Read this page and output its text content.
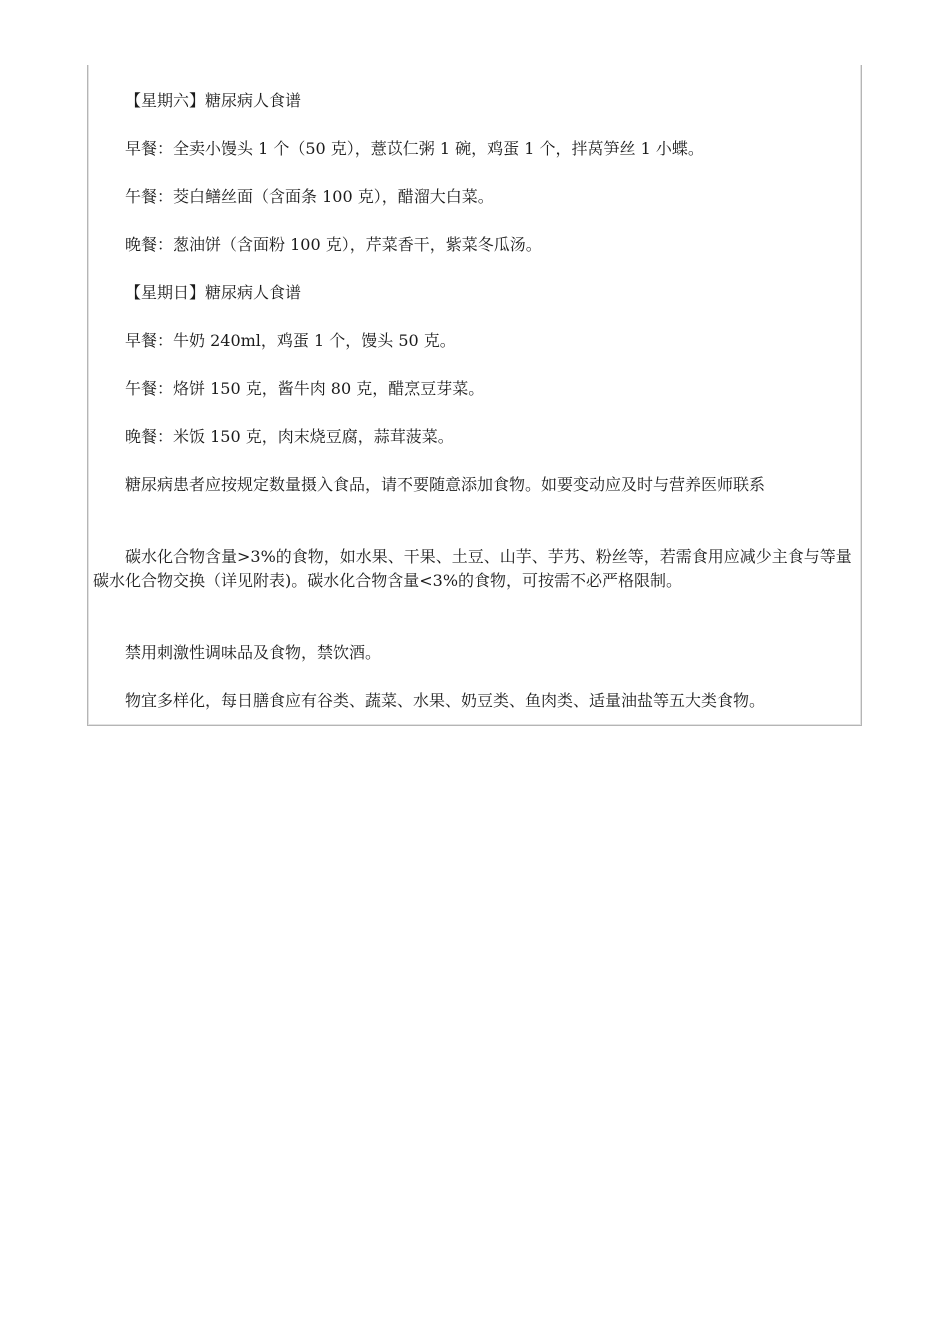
【星期六】糖尿病人食谱

早餐：全卖小馒头 1 个（50 克），薏苡仁粥 1 碗，鸡蛋 1 个，拌莴笋丝 1 小蝶。

午餐：茭白鳝丝面（含面条 100 克），醋溜大白菜。

晚餐：葱油饼（含面粉 100 克），芹菜香干，紫菜冬瓜汤。

【星期日】糖尿病人食谱

早餐：牛奶 240ml，鸡蛋 1 个，馒头 50 克。

午餐：烙饼 150 克，酱牛肉 80 克，醋烹豆芽菜。

晚餐：米饭 150 克，肉末烧豆腐，蒜茸菠菜。

糖尿病患者应按规定数量摄入食品，请不要随意添加食物。如要变动应及时与营养医师联系

碳水化合物含量>3%的食物，如水果、干果、土豆、山芋、芋艿、粉丝等，若需食用应减少主食与等量碳水化合物交换（详见附表)。碳水化合物含量<3%的食物，可按需不必严格限制。

禁用刺激性调味品及食物，禁饮酒。

物宜多样化，每日膳食应有谷类、蔬菜、水果、奶豆类、鱼肉类、适量油盐等五大类食物。
